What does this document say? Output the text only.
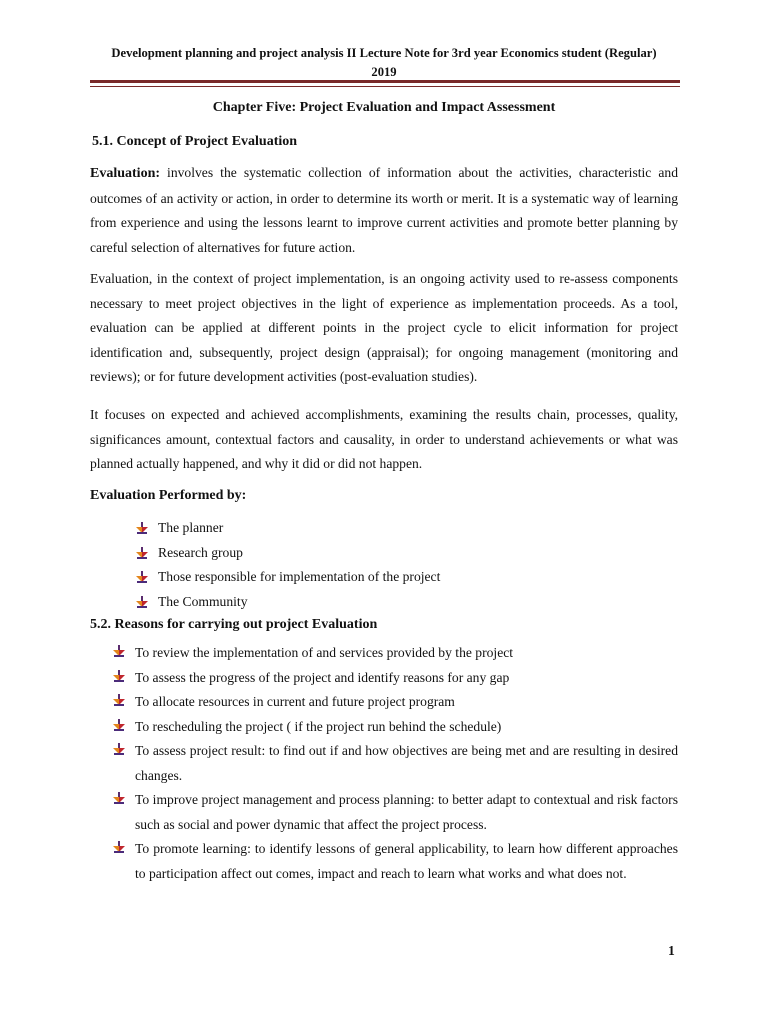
Development planning and project analysis II Lecture Note for 3rd year Economics student (Regular)
2019
Chapter Five: Project Evaluation and Impact Assessment
5.1. Concept of Project Evaluation
Evaluation: involves the systematic collection of information about the activities, characteristic and outcomes of an activity or action, in order to determine its worth or merit. It is a systematic way of learning from experience and using the lessons learnt to improve current activities and promote better planning by careful selection of alternatives for future action.
Evaluation, in the context of project implementation, is an ongoing activity used to re-assess components necessary to meet project objectives in the light of experience as implementation proceeds. As a tool, evaluation can be applied at different points in the project cycle to elicit information for project identification and, subsequently, project design (appraisal); for ongoing management (monitoring and reviews); or for future development activities (post-evaluation studies).
It focuses on expected and achieved accomplishments, examining the results chain, processes, quality, significances amount, contextual factors and causality, in order to understand achievements or what was planned actually happened, and why it did or did not happen.
Evaluation Performed by:
The planner
Research group
Those responsible for implementation of the project
The Community
5.2. Reasons for carrying out project Evaluation
To review the implementation of and services provided by the project
To assess the progress of the project and identify reasons for any gap
To allocate resources in current and future project program
To rescheduling the project ( if the project run behind the schedule)
To assess project result: to find out if and how objectives are being met and are resulting in desired changes.
To improve project management and process planning: to better adapt to contextual and risk factors such as social and power dynamic that affect the project process.
To promote learning: to identify lessons of general applicability, to learn how different approaches to participation affect out comes, impact and reach to learn what works and what does not.
1
